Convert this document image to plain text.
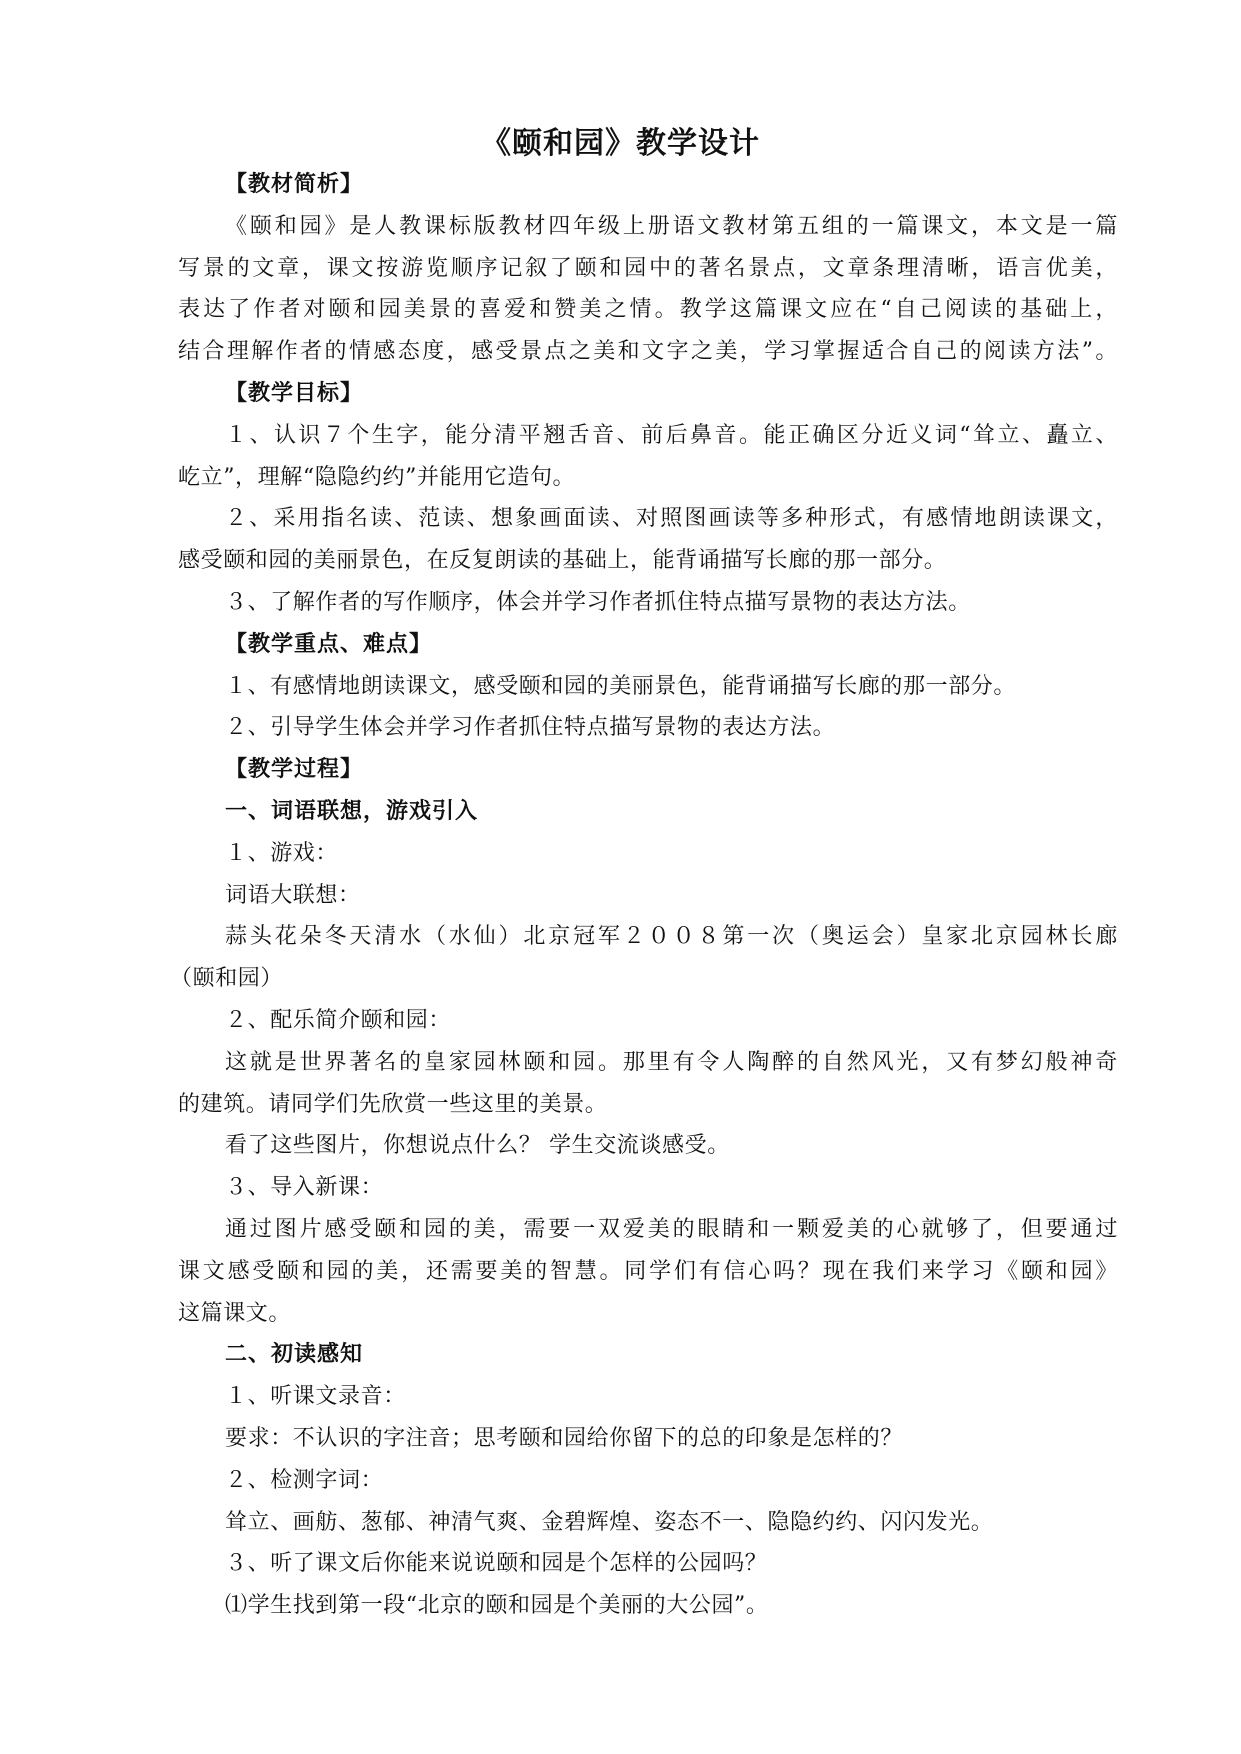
《颐和园》教学设计
【教材简析】
《颐和园》是人教课标版教材四年级上册语文教材第五组的一篇课文，本文是一篇
写景的文章，课文按游览顺序记叙了颐和园中的著名景点，文章条理清晰，语言优美，
表达了作者对颐和园美景的喜爱和赞美之情。教学这篇课文应在“自己阅读的基础上，
结合理解作者的情感态度，感受景点之美和文字之美，学习掌握适合自己的阅读方法”。
【教学目标】
１、认识７个生字，能分清平翘舌音、前后鼻音。能正确区分近义词“耸立、矗立、
屹立”，理解“隐隐约约”并能用它造句。
２、采用指名读、范读、想象画面读、对照图画读等多种形式，有感情地朗读课文，
感受颐和园的美丽景色，在反复朗读的基础上，能背诵描写长廊的那一部分。
３、了解作者的写作顺序，体会并学习作者抓住特点描写景物的表达方法。
【教学重点、难点】
１、有感情地朗读课文，感受颐和园的美丽景色，能背诵描写长廊的那一部分。
２、引导学生体会并学习作者抓住特点描写景物的表达方法。
【教学过程】
一、词语联想，游戏引入
１、游戏：
词语大联想：
蒜头花朵冬天清水（水仙）北京冠军２００８第一次（奥运会）皇家北京园林长廊
（颐和园）
２、配乐简介颐和园：
这就是世界著名的皇家园林颐和园。那里有令人陶醉的自然风光，又有梦幻般神奇
的建筑。请同学们先欣赏一些这里的美景。
看了这些图片，你想说点什么？ 学生交流谈感受。
３、导入新课：
通过图片感受颐和园的美，需要一双爱美的眼睛和一颗爱美的心就够了，但要通过
课文感受颐和园的美，还需要美的智慧。同学们有信心吗？现在我们来学习《颐和园》
这篇课文。
二、初读感知
１、听课文录音：
要求：不认识的字注音；思考颐和园给你留下的总的印象是怎样的？
２、检测字词：
耸立、画舫、葱郁、神清气爽、金碧辉煌、姿态不一、隐隐约约、闪闪发光。
３、听了课文后你能来说说颐和园是个怎样的公园吗？
⑴学生找到第一段“北京的颐和园是个美丽的大公园”。
